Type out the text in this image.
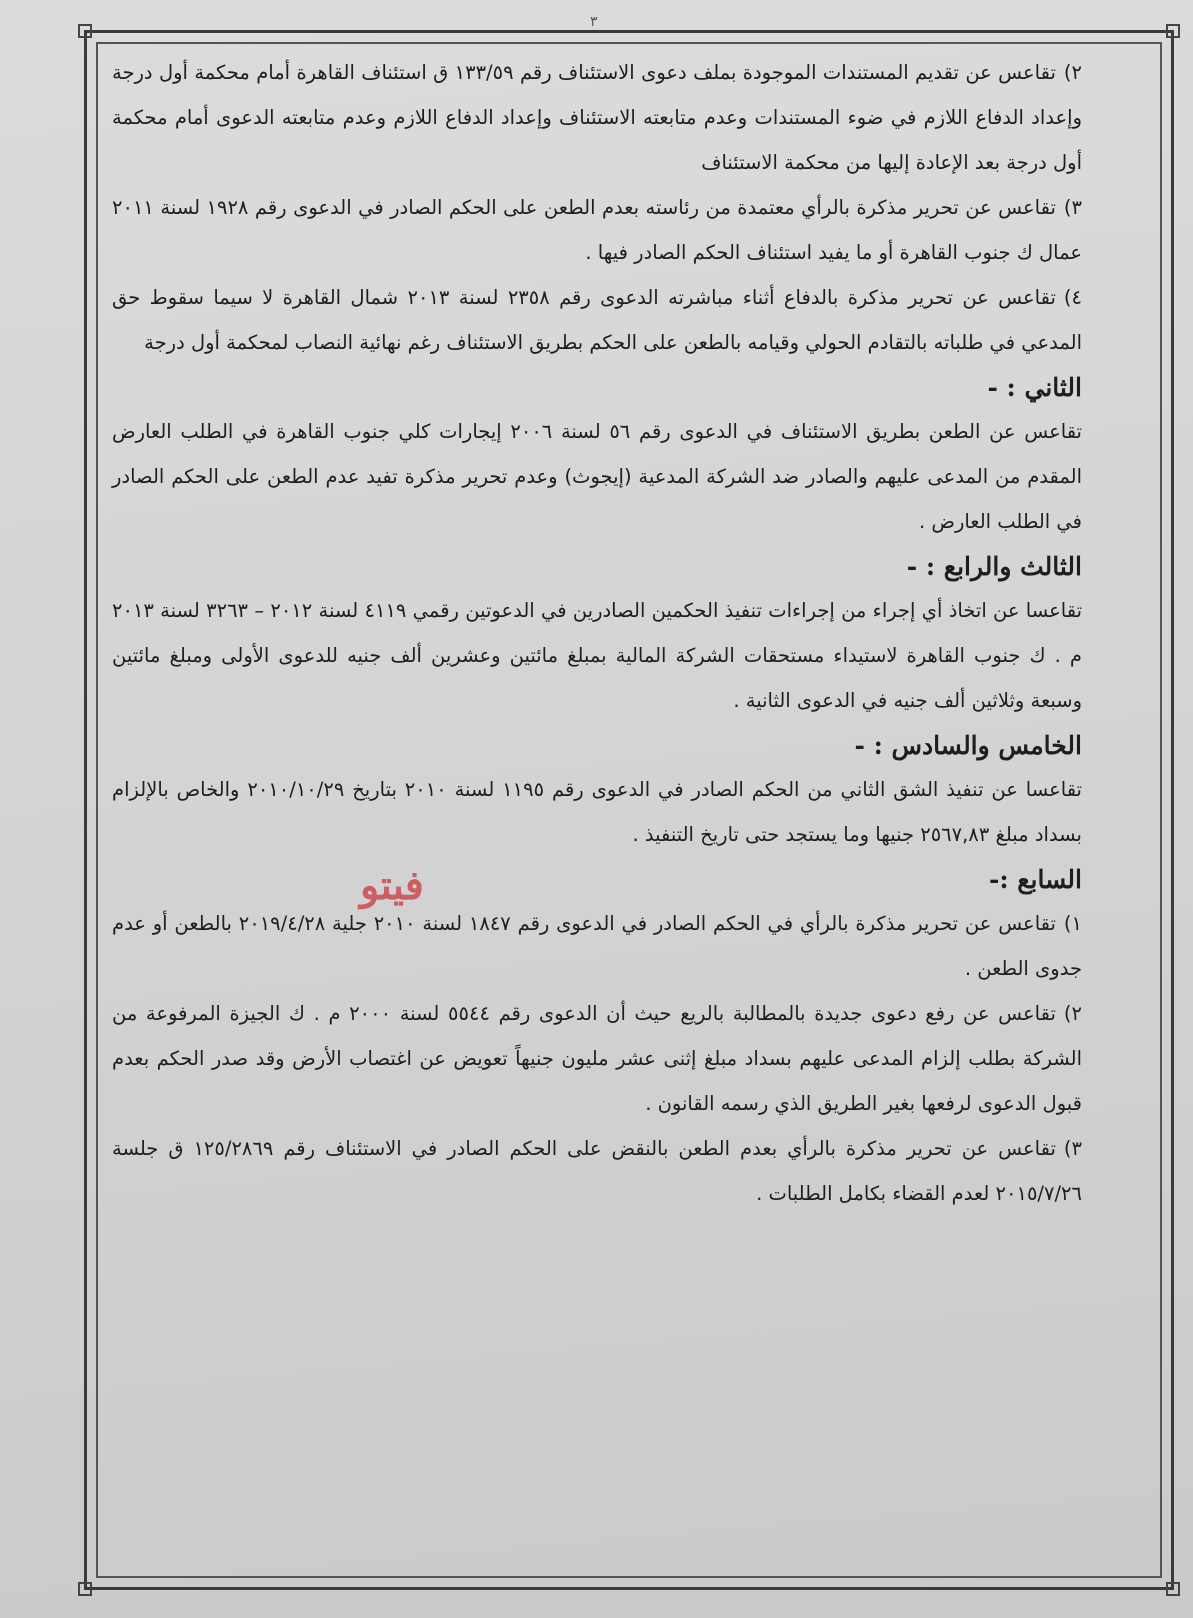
٣

٢)تقاعس عن تقديم المستندات الموجودة بملف دعوى الاستئناف رقم ١٣٣/٥٩ ق استئناف القاهرة أمام محكمة أول درجة وإعداد الدفاع اللازم في ضوء المستندات وعدم متابعته الاستئناف وإعداد الدفاع اللازم وعدم متابعته الدعوى أمام محكمة أول درجة بعد الإعادة إليها من محكمة الاستئناف

٣)تقاعس عن تحرير مذكرة بالرأي معتمدة من رئاسته بعدم الطعن على الحكم الصادر في الدعوى رقم ١٩٢٨ لسنة ٢٠١١ عمال ك جنوب القاهرة أو ما يفيد استئناف الحكم الصادر فيها .

٤)تقاعس عن تحرير مذكرة بالدفاع أثناء مباشرته الدعوى رقم ٢٣٥٨ لسنة ٢٠١٣ شمال القاهرة لا سيما سقوط حق المدعي في طلباته بالتقادم الحولي وقيامه بالطعن على الحكم بطريق الاستئناف رغم نهائية النصاب لمحكمة أول درجة

الثاني : -

تقاعس عن الطعن بطريق الاستئناف في الدعوى رقم ٥٦ لسنة ٢٠٠٦ إيجارات كلي جنوب القاهرة في الطلب العارض المقدم من المدعى عليهم والصادر ضد الشركة المدعية (إيجوث) وعدم تحرير مذكرة تفيد عدم الطعن على الحكم الصادر في الطلب العارض .

الثالث والرابع : -

تقاعسا عن اتخاذ أي إجراء من إجراءات تنفيذ الحكمين الصادرين في الدعوتين رقمي ٤١١٩ لسنة ٢٠١٢ – ٣٢٦٣ لسنة ٢٠١٣ م . ك جنوب القاهرة لاستيداء مستحقات الشركة المالية بمبلغ مائتين وعشرين ألف جنيه للدعوى الأولى ومبلغ مائتين وسبعة وثلاثين ألف جنيه في الدعوى الثانية .

الخامس والسادس : -

تقاعسا عن تنفيذ الشق الثاني من الحكم الصادر في الدعوى رقم ١١٩٥ لسنة ٢٠١٠ بتاريخ ٢٠١٠/١٠/٢٩ والخاص بالإلزام بسداد مبلغ ٢٥٦٧,٨٣ جنيها وما يستجد حتى تاريخ التنفيذ .

السابع :-

١)تقاعس عن تحرير مذكرة بالرأي في الحكم الصادر في الدعوى رقم ١٨٤٧ لسنة ٢٠١٠ جلية ٢٠١٩/٤/٢٨ بالطعن أو عدم جدوى الطعن .

٢)تقاعس عن رفع دعوى جديدة بالمطالبة بالريع حيث أن الدعوى رقم ٥٥٤٤ لسنة ٢٠٠٠ م . ك الجيزة المرفوعة من الشركة بطلب إلزام المدعى عليهم بسداد مبلغ إثنى عشر مليون جنيهاً تعويض عن اغتصاب الأرض وقد صدر الحكم بعدم قبول الدعوى لرفعها بغير الطريق الذي رسمه القانون .

٣)تقاعس عن تحرير مذكرة بالرأي بعدم الطعن بالنقض على الحكم الصادر في الاستئناف رقم ١٢٥/٢٨٦٩ ق جلسة ٢٠١٥/٧/٢٦ لعدم القضاء بكامل الطلبات .

فيتو
